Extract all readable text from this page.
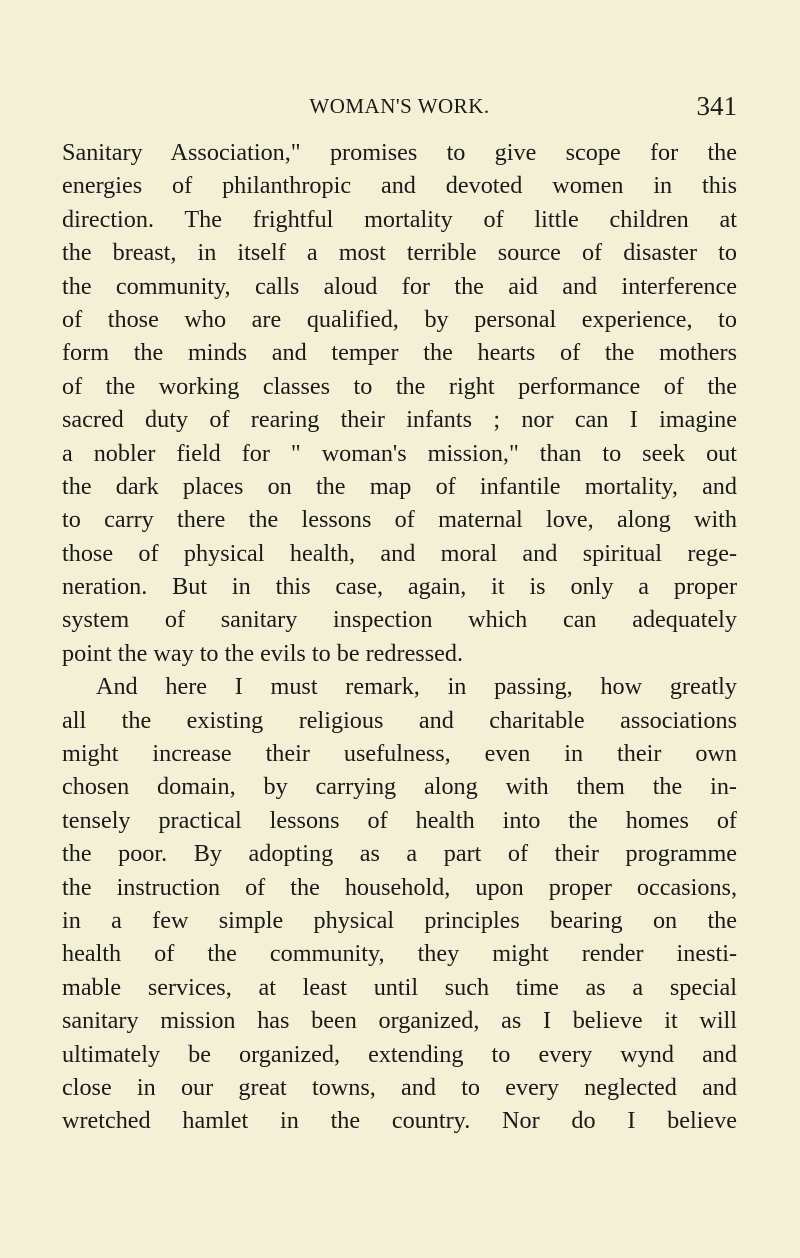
WOMAN'S WORK.	341
Sanitary Association," promises to give scope for the
energies of philanthropic and devoted women in this
direction. The frightful mortality of little children at
the breast, in itself a most terrible source of disaster to
the community, calls aloud for the aid and interference
of those who are qualified, by personal experience, to
form the minds and temper the hearts of the mothers
of the working classes to the right performance of the
sacred duty of rearing their infants ; nor can I imagine
a nobler field for " woman's mission," than to seek out
the dark places on the map of infantile mortality, and
to carry there the lessons of maternal love, along with
those of physical health, and moral and spiritual rege-
neration. But in this case, again, it is only a proper
system of sanitary inspection which can adequately
point the way to the evils to be redressed.
And here I must remark, in passing, how greatly
all the existing religious and charitable associations
might increase their usefulness, even in their own
chosen domain, by carrying along with them the in-
tensely practical lessons of health into the homes of
the poor. By adopting as a part of their programme
the instruction of the household, upon proper occasions,
in a few simple physical principles bearing on the
health of the community, they might render inesti-
mable services, at least until such time as a special
sanitary mission has been organized, as I believe it will
ultimately be organized, extending to every wynd and
close in our great towns, and to every neglected and
wretched hamlet in the country. Nor do I believe
